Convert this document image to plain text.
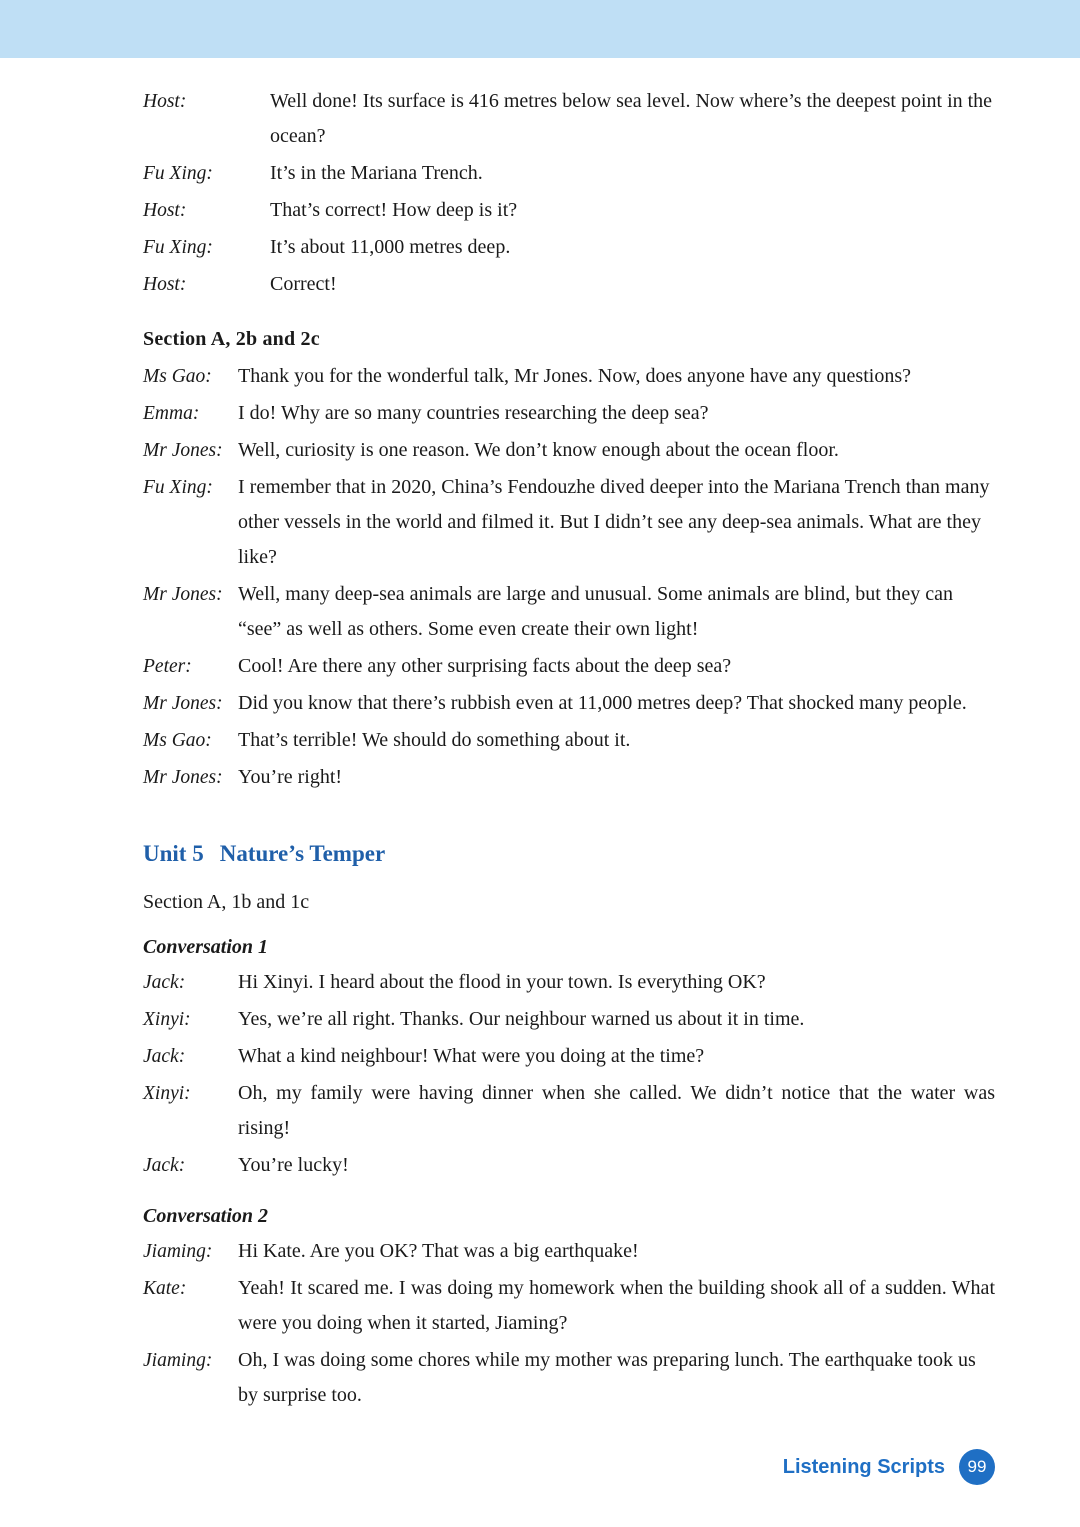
Host:	Well done! Its surface is 416 metres below sea level. Now where’s the deepest point in the ocean?
Fu Xing:	It’s in the Mariana Trench.
Host:	That’s correct! How deep is it?
Fu Xing:	It’s about 11,000 metres deep.
Host:	Correct!
Section A, 2b and 2c
Ms Gao:	Thank you for the wonderful talk, Mr Jones. Now, does anyone have any questions?
Emma:	I do! Why are so many countries researching the deep sea?
Mr Jones: Well, curiosity is one reason. We don’t know enough about the ocean floor.
Fu Xing:	I remember that in 2020, China’s Fendouzhe dived deeper into the Mariana Trench than many other vessels in the world and filmed it. But I didn’t see any deep-sea animals. What are they like?
Mr Jones: Well, many deep-sea animals are large and unusual. Some animals are blind, but they can “see” as well as others. Some even create their own light!
Peter:	Cool! Are there any other surprising facts about the deep sea?
Mr Jones: Did you know that there’s rubbish even at 11,000 metres deep? That shocked many people.
Ms Gao:	That’s terrible! We should do something about it.
Mr Jones: You’re right!
Unit 5 Nature’s Temper
Section A, 1b and 1c
Conversation 1
Jack:	Hi Xinyi. I heard about the flood in your town. Is everything OK?
Xinyi:	Yes, we’re all right. Thanks. Our neighbour warned us about it in time.
Jack:	What a kind neighbour! What were you doing at the time?
Xinyi:	Oh, my family were having dinner when she called. We didn’t notice that the water was rising!
Jack:	You’re lucky!
Conversation 2
Jiaming:	Hi Kate. Are you OK? That was a big earthquake!
Kate:	Yeah! It scared me. I was doing my homework when the building shook all of a sudden. What were you doing when it started, Jiaming?
Jiaming:	Oh, I was doing some chores while my mother was preparing lunch. The earthquake took us by surprise too.
Listening Scripts	99
